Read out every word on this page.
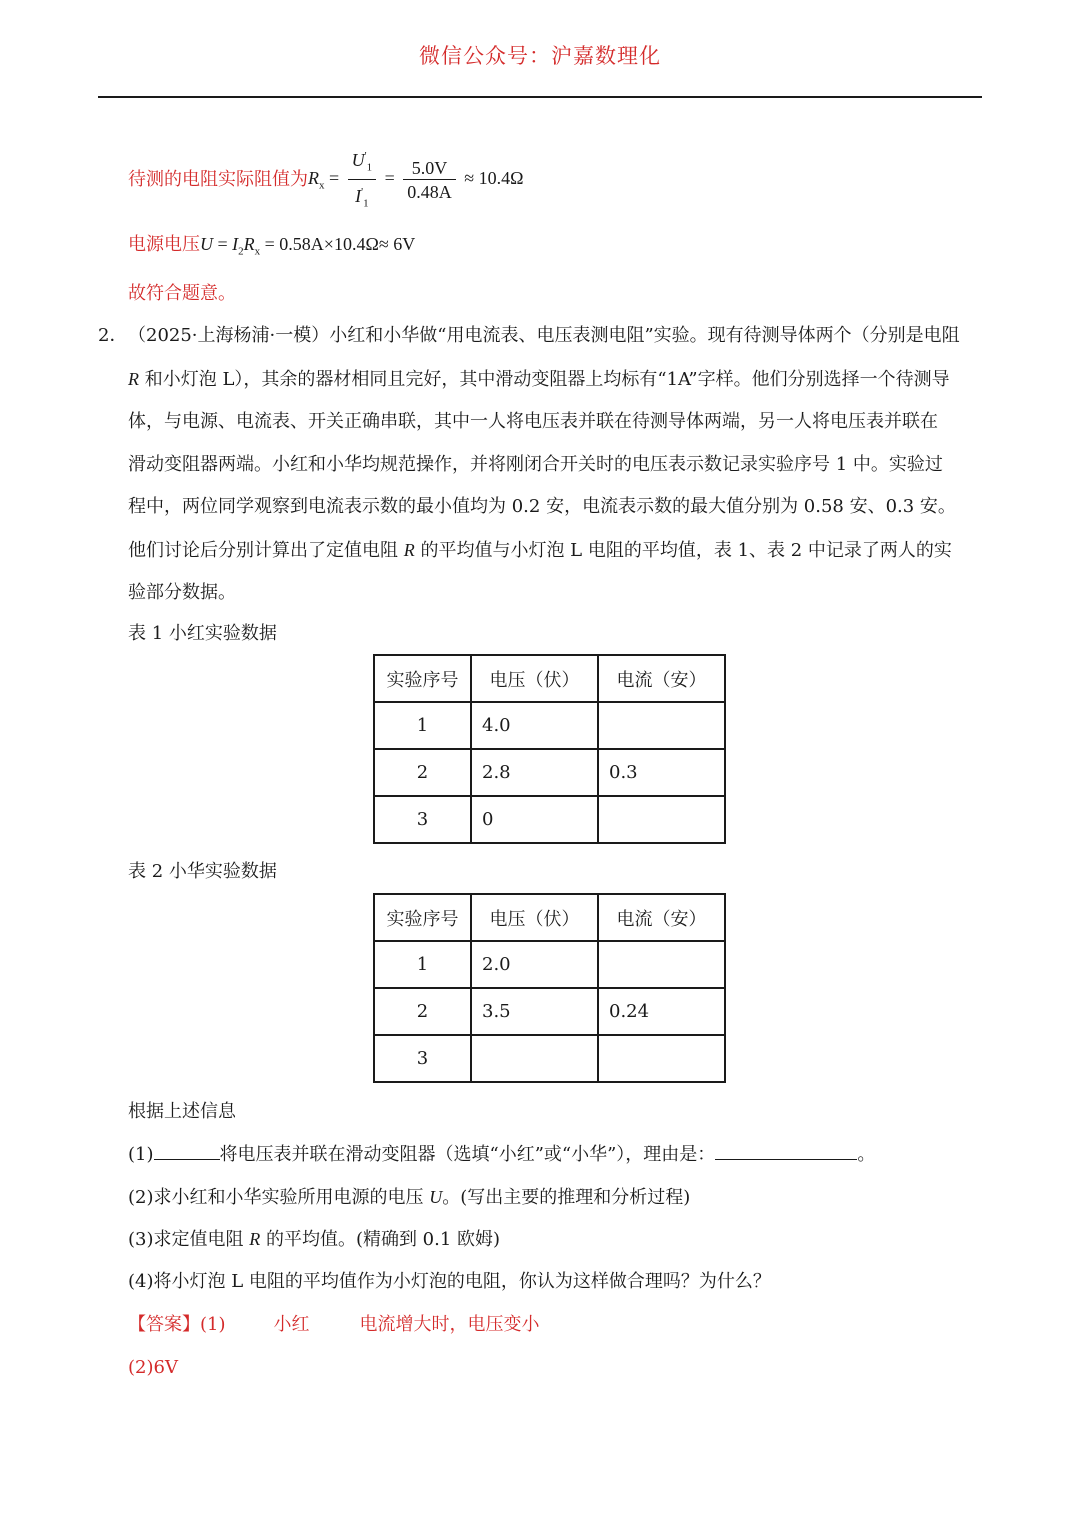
微信公众号：沪嘉数理化
待测的电阻实际阻值为$R_x = \frac{U'_1}{I'_1} = \frac{5.0V}{0.48A} \approx 10.4\Omega$
电源电压$U = I_2R_x = 0.58A\times 10.4\Omega\approx 6V$
故符合题意。
2． （2025·上海杨浦·一模）小红和小华做“用电流表、电压表测电阻”实验。现有待测导体两个（分别是电阻
R 和小灯泡 L），其余的器材相同且完好，其中滑动变阻器上均标有“1A”字样。他们分别选择一个待测导
体，与电源、电流表、开关正确串联，其中一人将电压表并联在待测导体两端，另一人将电压表并联在
滑动变阻器两端。小红和小华均规范操作，并将刚闭合开关时的电压表示数记录实验序号 1 中。实验过
程中，两位同学观察到电流表示数的最小值均为 0.2 安，电流表示数的最大值分别为 0.58 安、0.3 安。
他们讨论后分别计算出了定值电阻 R 的平均值与小灯泡 L 电阻的平均值，表 1、表 2 中记录了两人的实
验部分数据。
表 1 小红实验数据
实验序号	电压（伏）	电流（安）
1	4.0	
2	2.8	0.3
3	0	
表 2 小华实验数据
实验序号	电压（伏）	电流（安）
1	2.0	
2	3.5	0.24
3		
根据上述信息
(1)	将电压表并联在滑动变阻器（选填“小红”或“小华”），理由是：	。
(2)求小红和小华实验所用电源的电压 U。(写出主要的推理和分析过程)
(3)求定值电阻 R 的平均值。(精确到 0.1 欧姆)
(4)将小灯泡 L 电阻的平均值作为小灯泡的电阻，你认为这样做合理吗？为什么？
【答案】(1)	小红	电流增大时，电压变小
(2)6V
